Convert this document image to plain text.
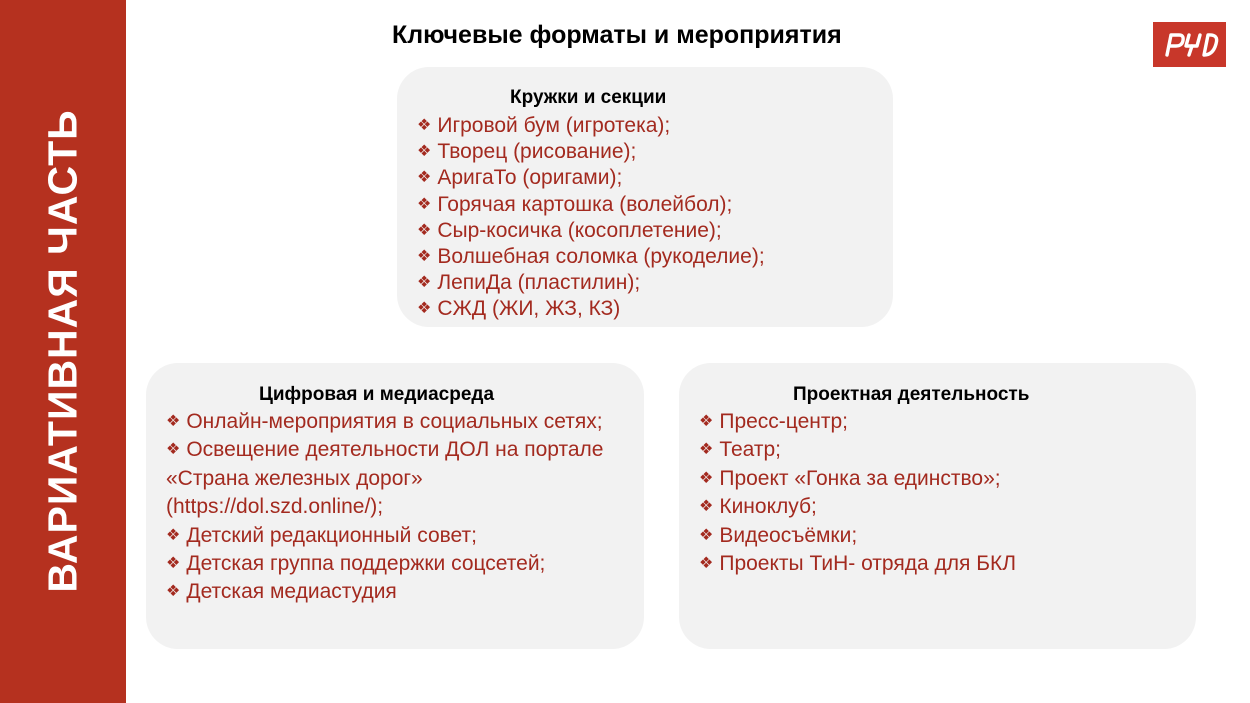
ВАРИАТИВНАЯ ЧАСТЬ
Ключевые форматы и мероприятия
Кружки и секции
❖ Игровой бум (игротека);
❖ Творец (рисование);
❖ АригаТо (оригами);
❖ Горячая картошка (волейбол);
❖ Сыр-косичка (косоплетение);
❖ Волшебная соломка (рукоделие);
❖ ЛепиДа (пластилин);
❖ СЖД (ЖИ, ЖЗ, КЗ)
Цифровая и медиасреда
❖ Онлайн-мероприятия в социальных сетях;
❖ Освещение деятельности ДОЛ на портале «Страна железных дорог» (https://dol.szd.online/);
❖ Детский редакционный совет;
❖ Детская группа поддержки соцсетей;
❖ Детская медиастудия
Проектная деятельность
❖ Пресс-центр;
❖ Театр;
❖ Проект «Гонка за единство»;
❖ Киноклуб;
❖ Видеосъёмки;
❖ Проекты ТиН- отряда для БКЛ
